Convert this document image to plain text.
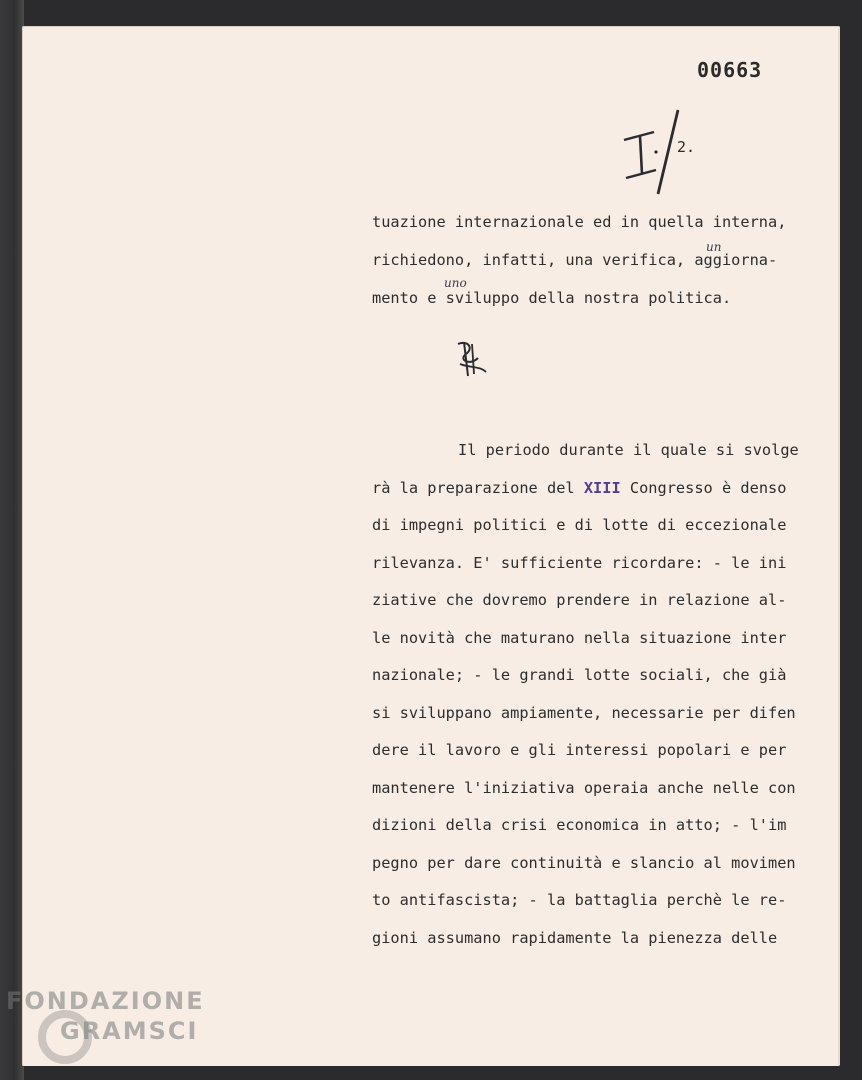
00663
2.
tuazione internazionale ed in quella interna,
richiedono, infatti, una verifica, aggiorna-
mento e sviluppo della nostra politica.
un
uno
Il periodo durante il quale si svolge
rà la preparazione del XIII Congresso è denso
di impegni politici e di lotte di eccezionale
rilevanza. E' sufficiente ricordare: - le ini
ziative che dovremo prendere in relazione al-
le novità che maturano nella situazione inter
nazionale; - le grandi lotte sociali, che già
si sviluppano ampiamente, necessarie per difen
dere il lavoro e gli interessi popolari e per
mantenere l'iniziativa operaia anche nelle con
dizioni della crisi economica in atto; - l'im
pegno per dare continuità e slancio al movimen
to antifascista; - la battaglia perchè le re-
gioni assumano rapidamente la pienezza delle
FONDAZIONE
GRAMSCI
